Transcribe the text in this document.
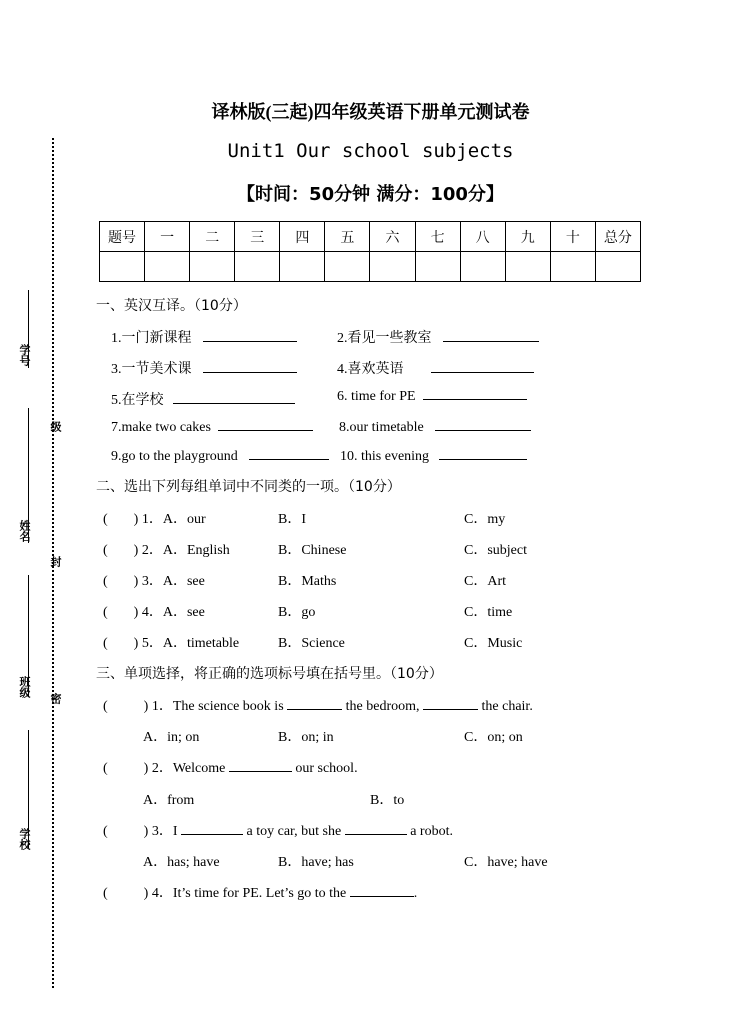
学号
级
姓名
封
班级
密
学校
译林版(三起)四年级英语下册单元测试卷
Unit1 Our school subjects
【时间：50分钟 满分：100分】
题号	一	二	三	四	五	六	七	八	九	十	总分

一、英汉互译。（10分）
1.一门新课程	2.看见一些教室
3.一节美术课	4.喜欢英语
5.在学校	6. time for PE
7.make two cakes	8.our timetable
9.go to the playground	10. this evening
二、选出下列每组单词中不同类的一项。（10分）
( ) 1．A．our	B．I	C．my
( ) 2．A．English	B．Chinese	C．subject
( ) 3．A．see	B．Maths	C．Art
( ) 4．A．see	B．go	C．time
( ) 5．A．timetable	B．Science	C．Music
三、单项选择，将正确的选项标号填在括号里。（10分）
(	) 1．The science book is	the bedroom,	the chair.
A．in; on	B．on; in	C．on; on
(	) 2．Welcome	our school.
A．from	B．to
(	) 3．I	a toy car, but she	a robot.
A．has; have	B．have; has	C．have; have
(	) 4．It’s time for PE. Let’s go to the	.
